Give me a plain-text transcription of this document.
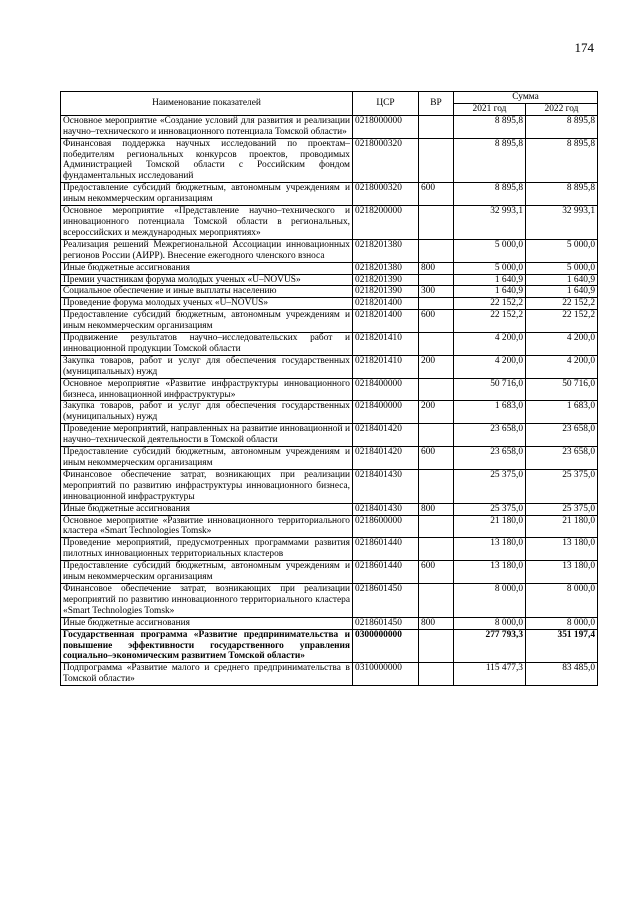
174
Наименование показателей	ЦСР	ВР	Сумма	
			2021 год	2022 год
Основное мероприятие «Создание условий для развития и реализации научно–технического и инновационного потенциала Томской области»	0218000000		8 895,8	8 895,8
Финансовая поддержка научных исследований по проектам–победителям региональных конкурсов проектов, проводимых Администрацией Томской области с Российским фондом фундаментальных исследований	0218000320		8 895,8	8 895,8
Предоставление субсидий бюджетным, автономным учреждениям и иным некоммерческим организациям	0218000320	600	8 895,8	8 895,8
Основное мероприятие «Представление научно–технического и инновационного потенциала Томской области в региональных, всероссийских и международных мероприятиях»	0218200000		32 993,1	32 993,1
Реализация решений Межрегиональной Ассоциации инновационных регионов России (АИРР). Внесение ежегодного членского взноса	0218201380		5 000,0	5 000,0
Иные бюджетные ассигнования	0218201380	800	5 000,0	5 000,0
Премии участникам форума молодых ученых «U–NOVUS»	0218201390		1 640,9	1 640,9
Социальное обеспечение и иные выплаты населению	0218201390	300	1 640,9	1 640,9
Проведение форума молодых ученых «U–NOVUS»	0218201400		22 152,2	22 152,2
Предоставление субсидий бюджетным, автономным учреждениям и иным некоммерческим организациям	0218201400	600	22 152,2	22 152,2
Продвижение результатов научно–исследовательских работ и инновационной продукции Томской области	0218201410		4 200,0	4 200,0
Закупка товаров, работ и услуг для обеспечения государственных (муниципальных) нужд	0218201410	200	4 200,0	4 200,0
Основное мероприятие «Развитие инфраструктуры инновационного бизнеса, инновационной инфраструктуры»	0218400000		50 716,0	50 716,0
Закупка товаров, работ и услуг для обеспечения государственных (муниципальных) нужд	0218400000	200	1 683,0	1 683,0
Проведение мероприятий, направленных на развитие инновационной и научно–технической деятельности в Томской области	0218401420		23 658,0	23 658,0
Предоставление субсидий бюджетным, автономным учреждениям и иным некоммерческим организациям	0218401420	600	23 658,0	23 658,0
Финансовое обеспечение затрат, возникающих при реализации мероприятий по развитию инфраструктуры инновационного бизнеса, инновационной инфраструктуры	0218401430		25 375,0	25 375,0
Иные бюджетные ассигнования	0218401430	800	25 375,0	25 375,0
Основное мероприятие «Развитие инновационного территориального кластера «Smart Technologies Tomsk»	0218600000		21 180,0	21 180,0
Проведение мероприятий, предусмотренных программами развития пилотных инновационных территориальных кластеров	0218601440		13 180,0	13 180,0
Предоставление субсидий бюджетным, автономным учреждениям и иным некоммерческим организациям	0218601440	600	13 180,0	13 180,0
Финансовое обеспечение затрат, возникающих при реализации мероприятий по развитию инновационного территориального кластера «Smart Technologies Tomsk»	0218601450		8 000,0	8 000,0
Иные бюджетные ассигнования	0218601450	800	8 000,0	8 000,0
Государственная программа «Развитие предпринимательства и повышение эффективности государственного управления социально–экономическим развитием Томской области»	0300000000		277 793,3	351 197,4
Подпрограмма «Развитие малого и среднего предпринимательства в Томской области»	0310000000		115 477,3	83 485,0
